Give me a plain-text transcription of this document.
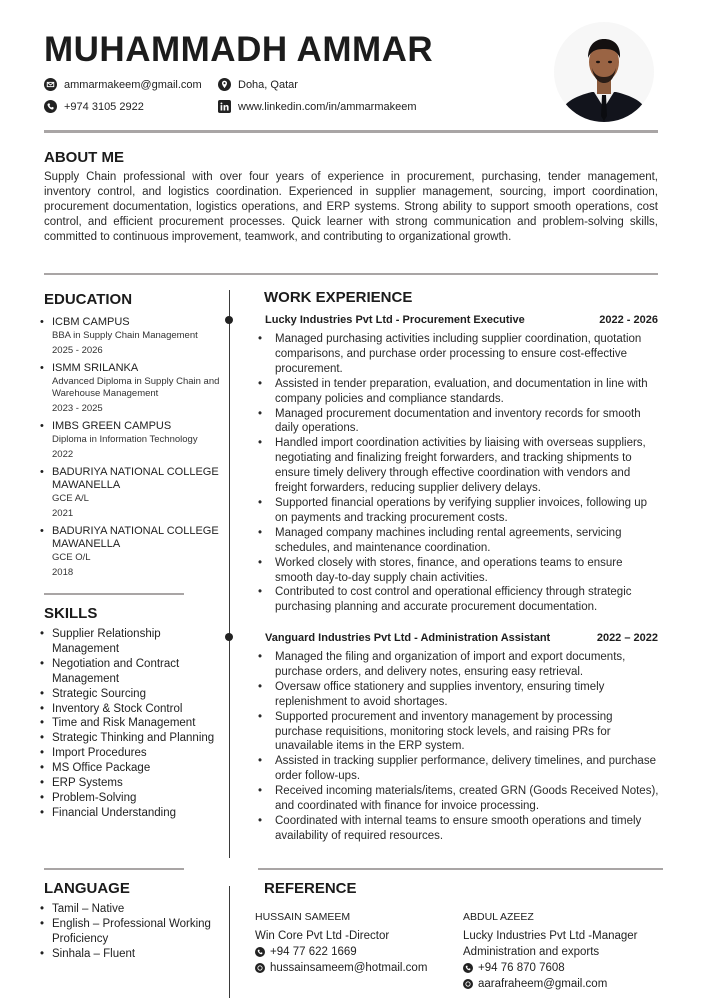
MUHAMMADH AMMAR
ammarmakeem@gmail.com	Doha, Qatar
+974 3105 2922	www.linkedin.com/in/ammarmakeem
ABOUT ME
Supply Chain professional with over four years of experience in procurement, purchasing, tender management, inventory control, and logistics coordination. Experienced in supplier management, sourcing, import coordination, procurement documentation, logistics operations, and ERP systems. Strong ability to support smooth operations, cost control, and efficient procurement processes. Quick learner with strong communication and problem-solving skills, committed to continuous improvement, teamwork, and contributing to organizational growth.
EDUCATION
• ICBM CAMPUS
BBA in Supply Chain Management
2025 - 2026
• ISMM SRILANKA
Advanced Diploma in Supply Chain and Warehouse Management
2023 - 2025
• IMBS GREEN CAMPUS
Diploma in Information Technology
2022
• BADURIYA NATIONAL COLLEGE MAWANELLA
GCE A/L
2021
• BADURIYA NATIONAL COLLEGE MAWANELLA
GCE O/L
2018
SKILLS
• Supplier Relationship Management
• Negotiation and Contract Management
• Strategic Sourcing
• Inventory & Stock Control
• Time and Risk Management
• Strategic Thinking and Planning
• Import Procedures
• MS Office Package
• ERP Systems
• Problem-Solving
• Financial Understanding
LANGUAGE
• Tamil – Native
• English – Professional Working Proficiency
• Sinhala – Fluent
WORK EXPERIENCE
Lucky Industries Pvt Ltd - Procurement Executive	2022 - 2026
• Managed purchasing activities including supplier coordination, quotation comparisons, and purchase order processing to ensure cost-effective procurement.
• Assisted in tender preparation, evaluation, and documentation in line with company policies and compliance standards.
• Managed procurement documentation and inventory records for smooth daily operations.
• Handled import coordination activities by liaising with overseas suppliers, negotiating and finalizing freight forwarders, and tracking shipments to ensure timely delivery through effective coordination with vendors and freight forwarders, reducing supplier delivery delays.
• Supported financial operations by verifying supplier invoices, following up on payments and tracking procurement costs.
• Managed company machines including rental agreements, servicing schedules, and maintenance coordination.
• Worked closely with stores, finance, and operations teams to ensure smooth day-to-day supply chain activities.
• Contributed to cost control and operational efficiency through strategic purchasing planning and accurate procurement documentation.
Vanguard Industries Pvt Ltd - Administration Assistant	2022 – 2022
• Managed the filing and organization of import and export documents, purchase orders, and delivery notes, ensuring easy retrieval.
• Oversaw office stationery and supplies inventory, ensuring timely replenishment to avoid shortages.
• Supported procurement and inventory management by processing purchase requisitions, monitoring stock levels, and raising PRs for unavailable items in the ERP system.
• Assisted in tracking supplier performance, delivery timelines, and purchase order follow-ups.
• Received incoming materials/items, created GRN (Goods Received Notes), and coordinated with finance for invoice processing.
• Coordinated with internal teams to ensure smooth operations and timely availability of required resources.
REFERENCE
HUSSAIN SAMEEM
Win Core Pvt Ltd -Director
+94 77 622 1669
hussainsameem@hotmail.com
ABDUL AZEEZ
Lucky Industries Pvt Ltd -Manager Administration and exports
+94 76 870 7608
aarafraheem@gmail.com
